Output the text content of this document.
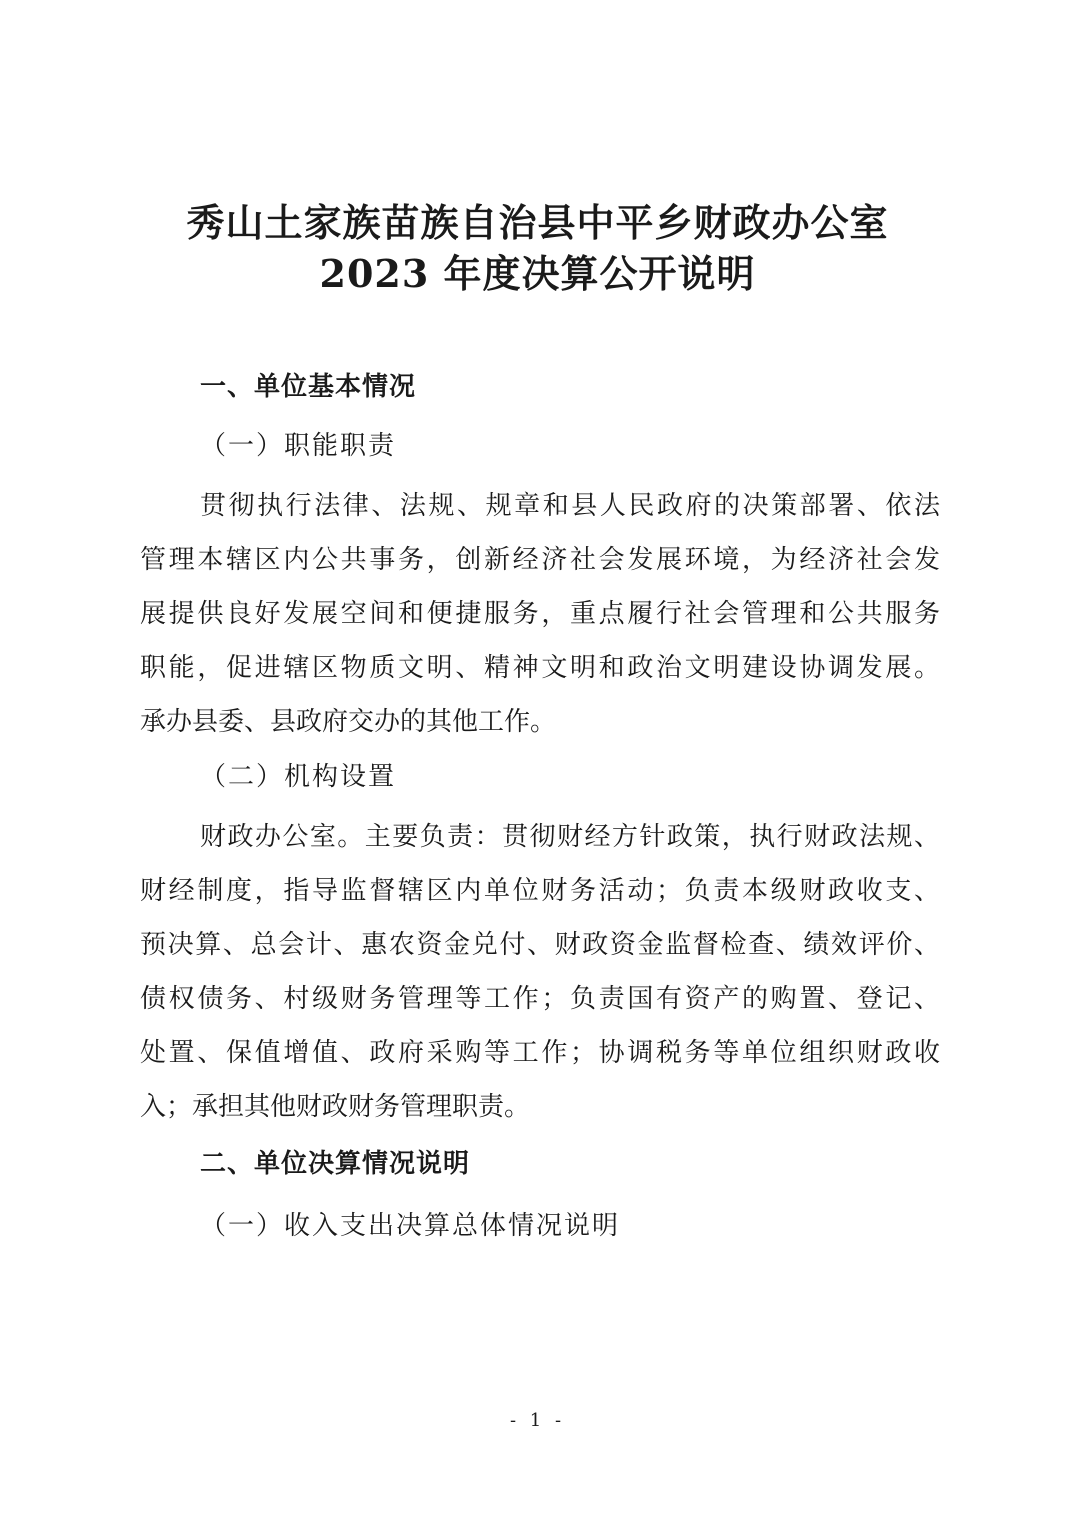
秀山土家族苗族自治县中平乡财政办公室
2023 年度决算公开说明
一、单位基本情况
（一）职能职责
贯彻执行法律、法规、规章和县人民政府的决策部署、依法
管理本辖区内公共事务，创新经济社会发展环境，为经济社会发
展提供良好发展空间和便捷服务，重点履行社会管理和公共服务
职能，促进辖区物质文明、精神文明和政治文明建设协调发展。
承办县委、县政府交办的其他工作。
（二）机构设置
财政办公室。主要负责：贯彻财经方针政策，执行财政法规、
财经制度，指导监督辖区内单位财务活动；负责本级财政收支、
预决算、总会计、惠农资金兑付、财政资金监督检查、绩效评价、
债权债务、村级财务管理等工作；负责国有资产的购置、登记、
处置、保值增值、政府采购等工作；协调税务等单位组织财政收
入；承担其他财政财务管理职责。
二、单位决算情况说明
（一）收入支出决算总体情况说明
- 1 -
